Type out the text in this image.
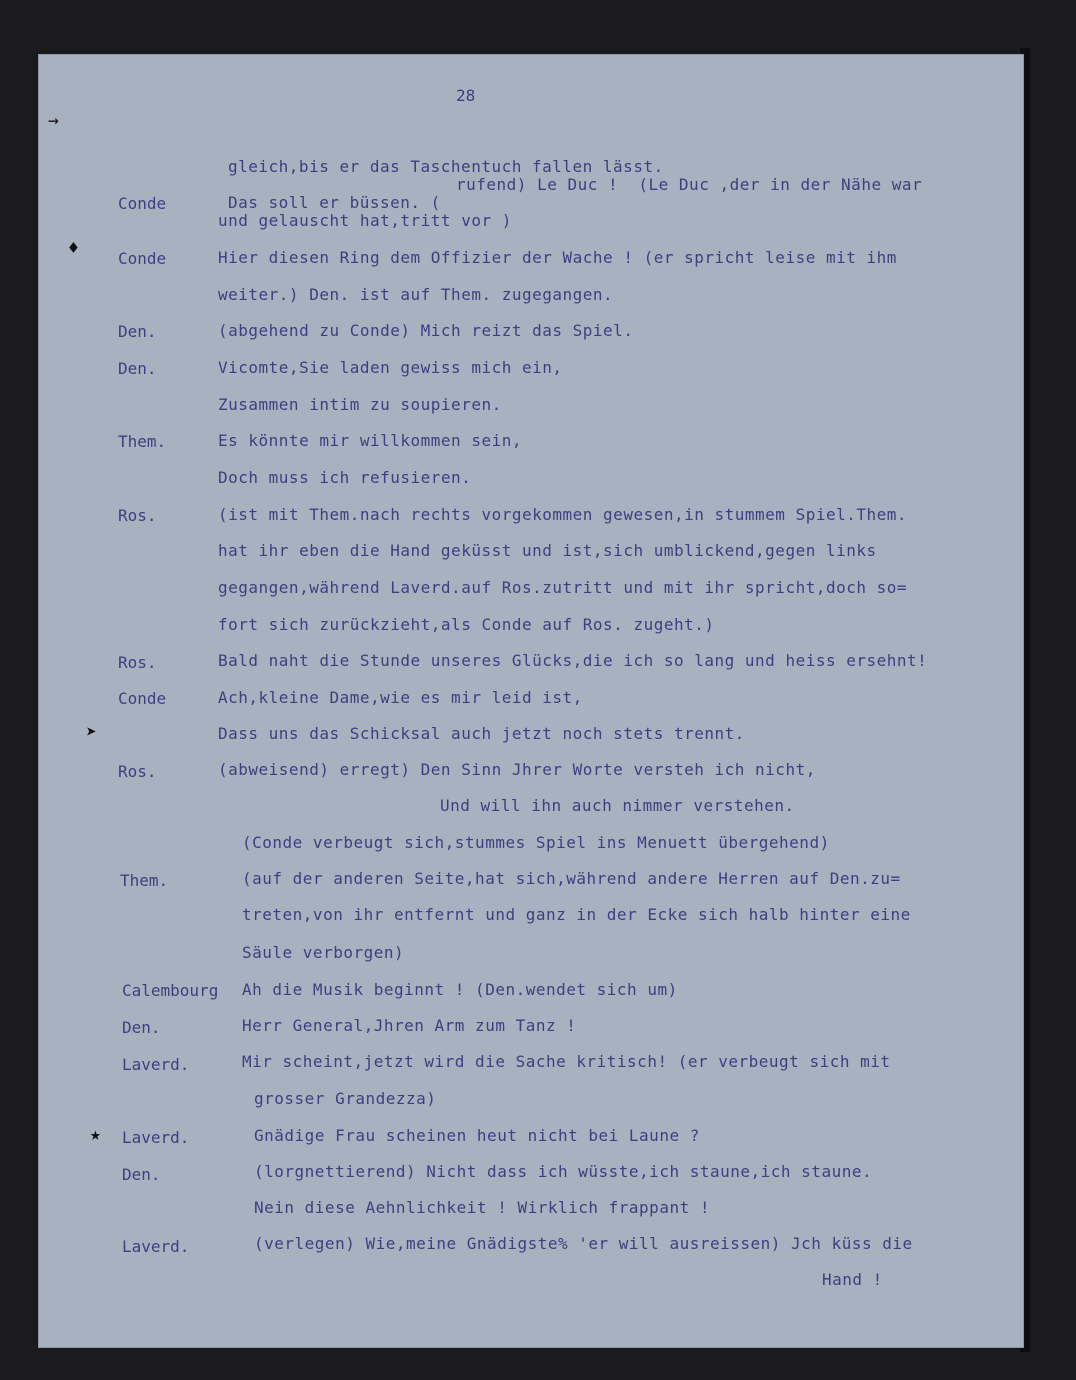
28
→
♦
➤
★
gleich,bis er das Taschentuch fallen lässt.
rufend) Le Duc !  (Le Duc ,der in der Nähe war
Conde	Das soll er büssen. (
und gelauscht hat,tritt vor )
Conde	Hier diesen Ring dem Offizier der Wache ! (er spricht leise mit ihm
weiter.) Den. ist auf Them. zugegangen.
Den.	(abgehend zu Conde) Mich reizt das Spiel.
Den.	Vicomte,Sie laden gewiss mich ein,
Zusammen intim zu soupieren.
Them.	Es könnte mir willkommen sein,
Doch muss ich refusieren.
Ros.	(ist mit Them.nach rechts vorgekommen gewesen,in stummem Spiel.Them.
hat ihr eben die Hand geküsst und ist,sich umblickend,gegen links
gegangen,während Laverd.auf Ros.zutritt und mit ihr spricht,doch so=
fort sich zurückzieht,als Conde auf Ros. zugeht.)
Ros.	Bald naht die Stunde unseres Glücks,die ich so lang und heiss ersehnt!
Conde	Ach,kleine Dame,wie es mir leid ist,
Dass uns das Schicksal auch jetzt noch stets trennt.
Ros.	(abweisend) erregt) Den Sinn Jhrer Worte versteh ich nicht,
Und will ihn auch nimmer verstehen.
(Conde verbeugt sich,stummes Spiel ins Menuett übergehend)
Them.	(auf der anderen Seite,hat sich,während andere Herren auf Den.zu=
treten,von ihr entfernt und ganz in der Ecke sich halb hinter eine
Säule verborgen)
Calembourg Ah die Musik beginnt ! (Den.wendet sich um)
Den.	Herr General,Jhren Arm zum Tanz !
Laverd.	Mir scheint,jetzt wird die Sache kritisch! (er verbeugt sich mit
grosser Grandezza)
Laverd.	Gnädige Frau scheinen heut nicht bei Laune ?
Den.	(lorgnettierend) Nicht dass ich wüsste,ich staune,ich staune.
Nein diese Aehnlichkeit ! Wirklich frappant !
Laverd.	(verlegen) Wie,meine Gnädigste% 'er will ausreissen) Jch küss die
Hand !
